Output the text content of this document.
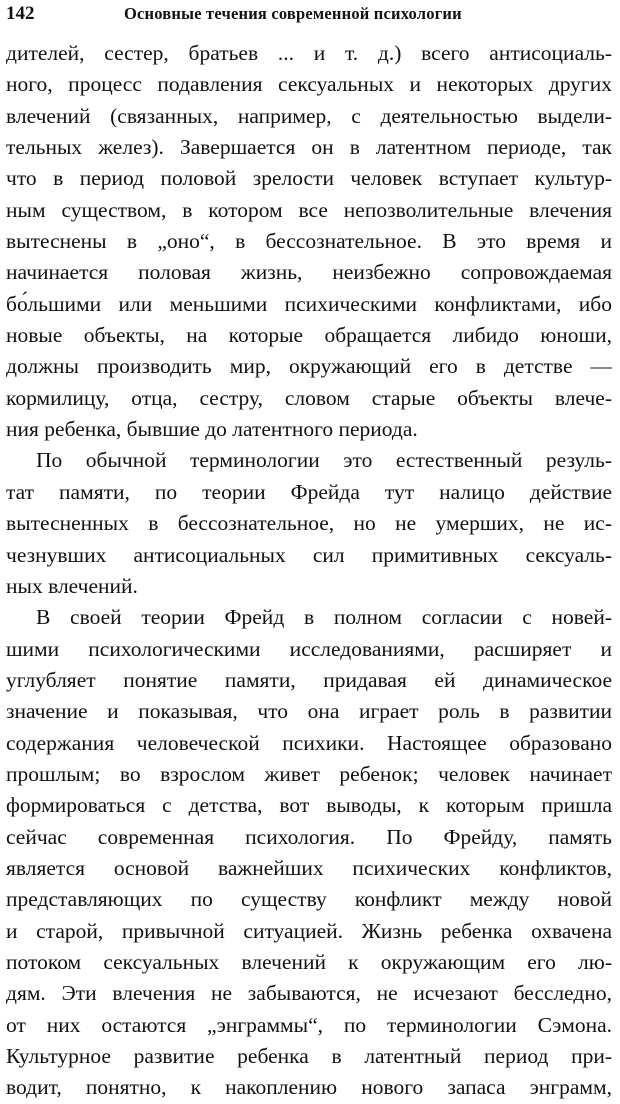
142	Основные течения современной психологии
дителей, сестер, братьев ... и т. д.) всего антисоциаль-
ного, процесс подавления сексуальных и некоторых других
влечений (связанных, например, с деятельностью выдели-
тельных желез). Завершается он в латентном периоде, так
что в период половой зрелости человек вступает культур-
ным существом, в котором все непозволительные влечения
вытеснены в „оно“, в бессознательное. В это время и
начинается половая жизнь, неизбежно сопровождаемая
бо́льшими или меньшими психическими конфликтами, ибо
новые объекты, на которые обращается либидо юноши,
должны производить мир, окружающий его в детстве —
кормилицу, отца, сестру, словом старые объекты влече-
ния ребенка, бывшие до латентного периода.
По обычной терминологии это естественный резуль-
тат памяти, по теории Фрейда тут налицо действие
вытесненных в бессознательное, но не умерших, не ис-
чезнувших антисоциальных сил примитивных сексуаль-
ных влечений.
В своей теории Фрейд в полном согласии с новей-
шими психологическими исследованиями, расширяет и
углубляет понятие памяти, придавая ей динамическое
значение и показывая, что она играет роль в развитии
содержания человеческой психики. Настоящее образовано
прошлым; во взрослом живет ребенок; человек начинает
формироваться с детства, вот выводы, к которым пришла
сейчас современная психология. По Фрейду, память
является основой важнейших психических конфликтов,
представляющих по существу конфликт между новой
и старой, привычной ситуацией. Жизнь ребенка охвачена
потоком сексуальных влечений к окружающим его лю-
дям. Эти влечения не забываются, не исчезают бесследно,
от них остаются „энграммы“, по терминологии Сэмона.
Культурное развитие ребенка в латентный период при-
водит, понятно, к накоплению нового запаса энграмм,
